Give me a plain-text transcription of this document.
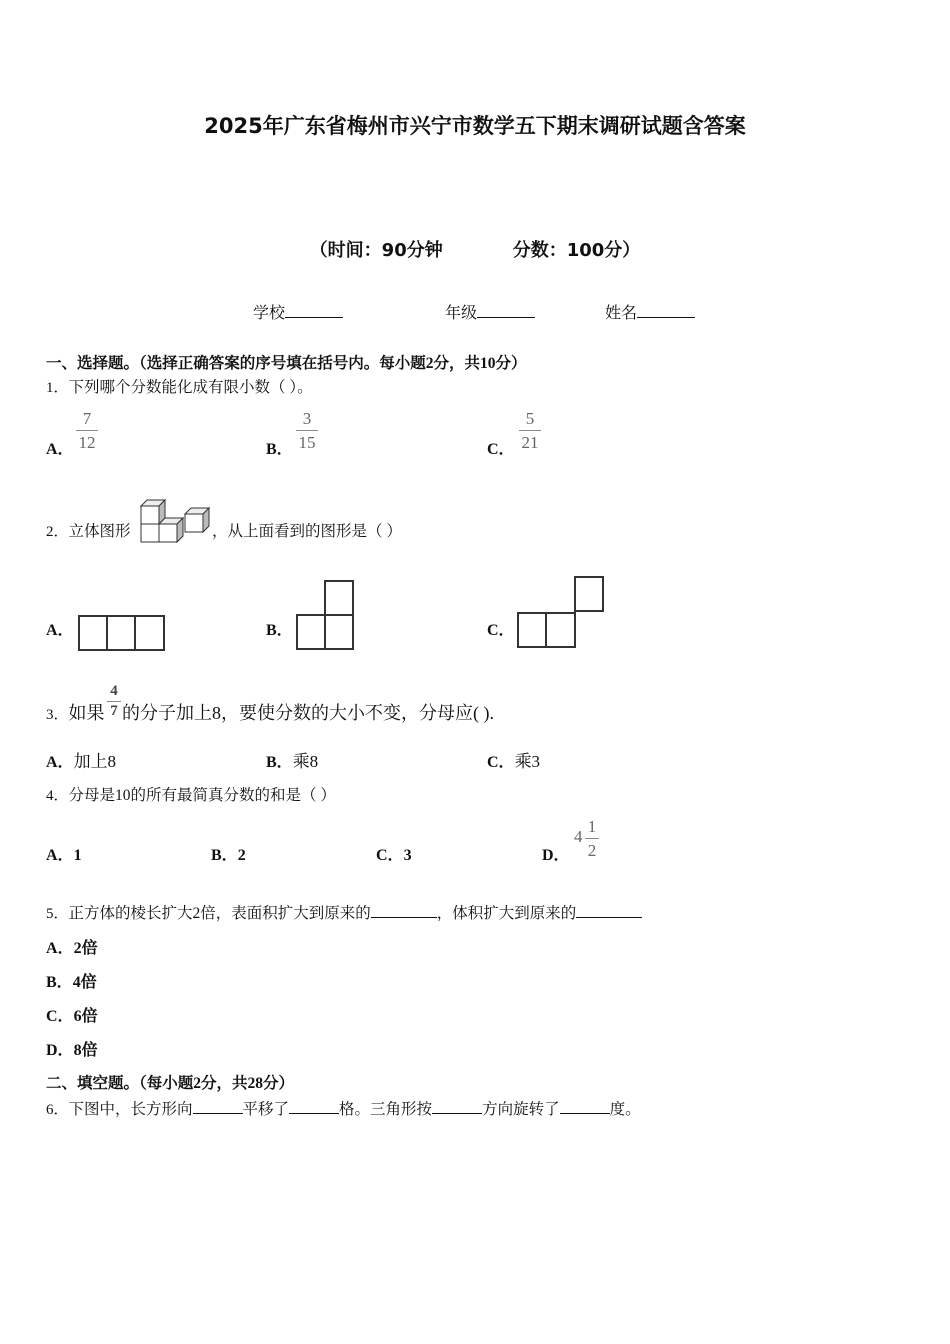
2025年广东省梅州市兴宁市数学五下期末调研试题含答案
（时间：90分钟	分数：100分）
学校	年级	姓名
一、选择题。（选择正确答案的序号填在括号内。每小题2分，共10分）
1．下列哪个分数能化成有限小数（ ）。
A．
7
12	B．
3
15	C．
5
21
2．立体图形	，从上面看到的图形是（ ）
A．	B．	C．
3．如果
4
7 的分子加上8，要使分数的大小不变，分母应( ).
A．加上8	B．乘8	C．乘3
4．分母是10的所有最简真分数的和是（ ）
A．1	B．2	C．3	D．
4
1
2
5．正方体的棱长扩大2倍，表面积扩大到原来的	，体积扩大到原来的
A．2倍
B．4倍
C．6倍
D．8倍
二、填空题。（每小题2分，共28分）
6．下图中，长方形向	平移了	格。三角形按	方向旋转了	度。
